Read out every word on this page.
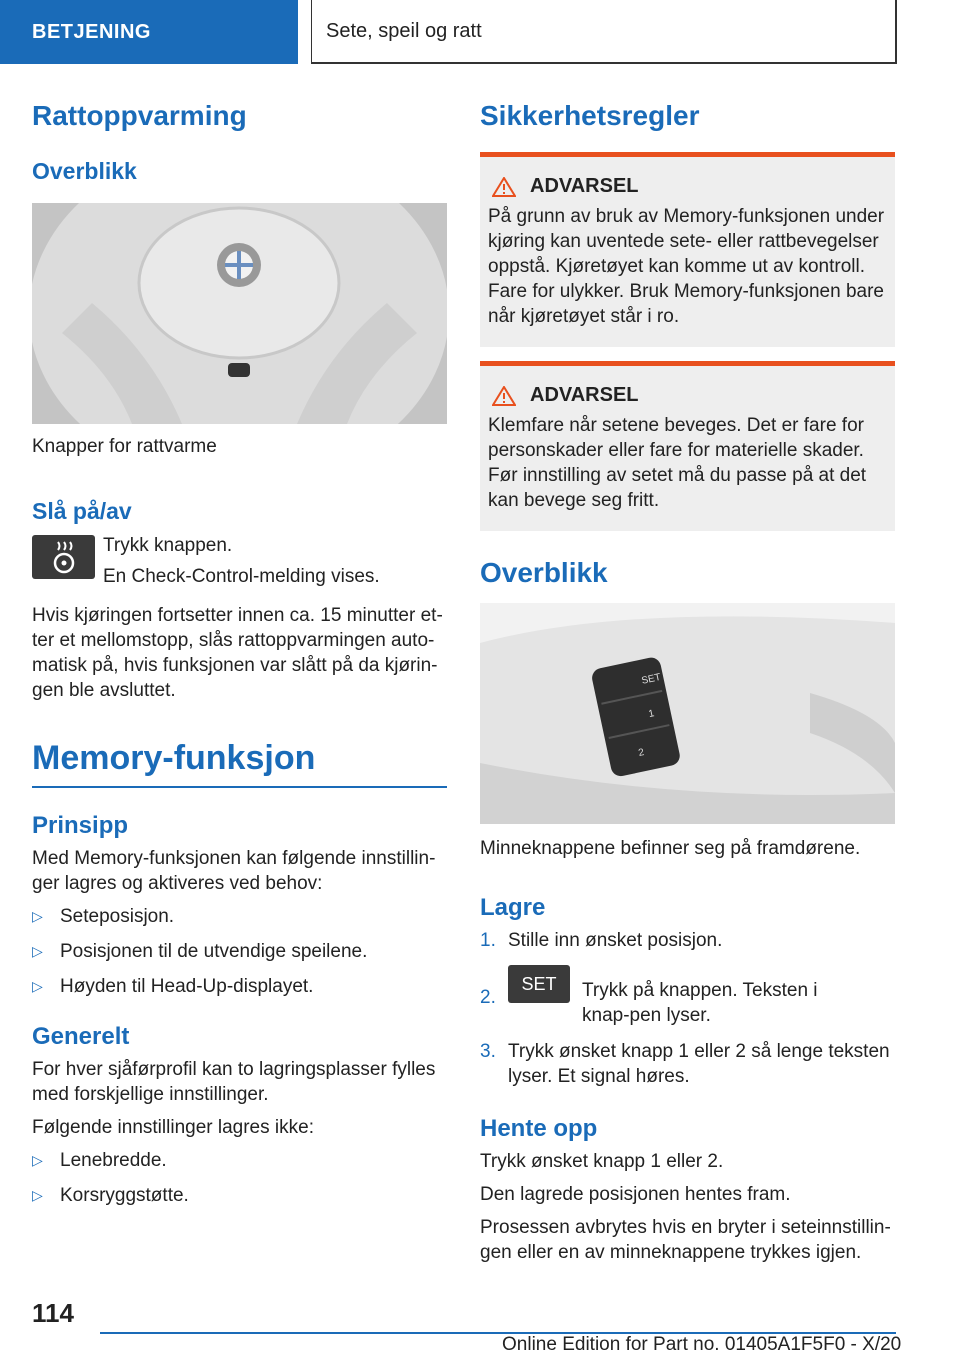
BETJENING	Sete, speil og ratt
Rattoppvarming
Overblikk
Knapper for rattvarme
Slå på/av

Trykk knappen.

En Check-Control-melding vises.

Hvis kjøringen fortsetter innen ca. 15 minutter et-ter et mellomstopp, slås rattoppvarmingen auto-matisk på, hvis funksjonen var slått på da kjørin-gen ble avsluttet.

Memory-funksjon
Prinsipp

Med Memory-funksjonen kan følgende innstillin-ger lagres og aktiveres ved behov:

▷ Seteposisjon.
▷ Posisjonen til de utvendige speilene.
▷ Høyden til Head-Up-displayet.
Generelt

For hver sjåførprofil kan to lagringsplasser fylles med forskjellige innstillinger.

Følgende innstillinger lagres ikke:

▷ Lenebredde.
▷ Korsryggstøtte.
Sikkerhetsregler
ADVARSEL

På grunn av bruk av Memory-funksjonen under kjøring kan uventede sete- eller rattbevegelser oppstå. Kjøretøyet kan komme ut av kontroll. Fare for ulykker. Bruk Memory-funksjonen bare når kjøretøyet står i ro.

ADVARSEL

Klemfare når setene beveges. Det er fare for personskader eller fare for materielle skader. Før innstilling av setet må du passe på at det kan bevege seg fritt.

Overblikk
SET
1
2
Minneknappene befinner seg på framdørene.
Lagre
1. Stille inn ønsket posisjon.
2.
SET	Trykk på knappen. Teksten i knap-pen lyser.
3. Trykk ønsket knapp 1 eller 2 så lenge teksten lyser. Et signal høres.
Hente opp

Trykk ønsket knapp 1 eller 2.

Den lagrede posisjonen hentes fram.

Prosessen avbrytes hvis en bryter i seteinnstillin-gen eller en av minneknappene trykkes igjen.

114
Online Edition for Part no. 01405A1F5F0 - X/20
